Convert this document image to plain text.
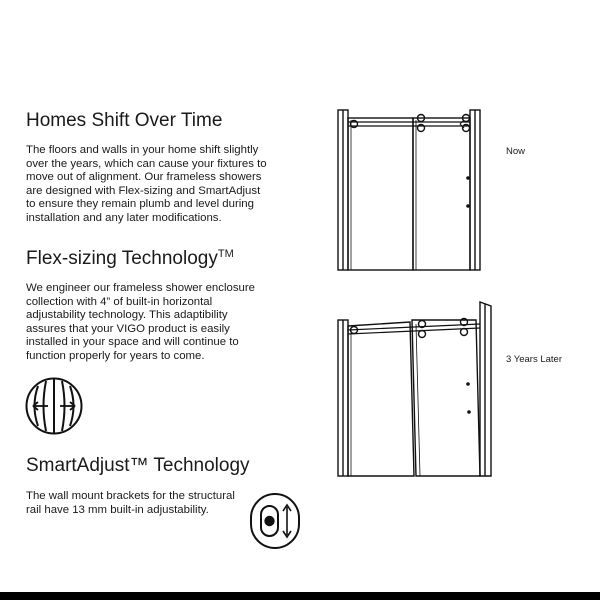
Homes Shift Over Time
The floors and walls in your home shift slightly
over the years, which can cause your fixtures to
move out of alignment. Our frameless showers
are designed with Flex-sizing and SmartAdjust
to ensure they remain plumb and level during
installation and any later modifications.
Flex-sizing Technology™
We engineer our frameless shower enclosure
collection with 4” of built-in horizontal
adjustability technology. This adaptibility
assures that your VIGO product is easily
installed in your space and will continue to
function properly for years to come.
SmartAdjust™ Technology
The wall mount brackets for the structural
rail have 13 mm built-in adjustability.
Now
3 Years Later
